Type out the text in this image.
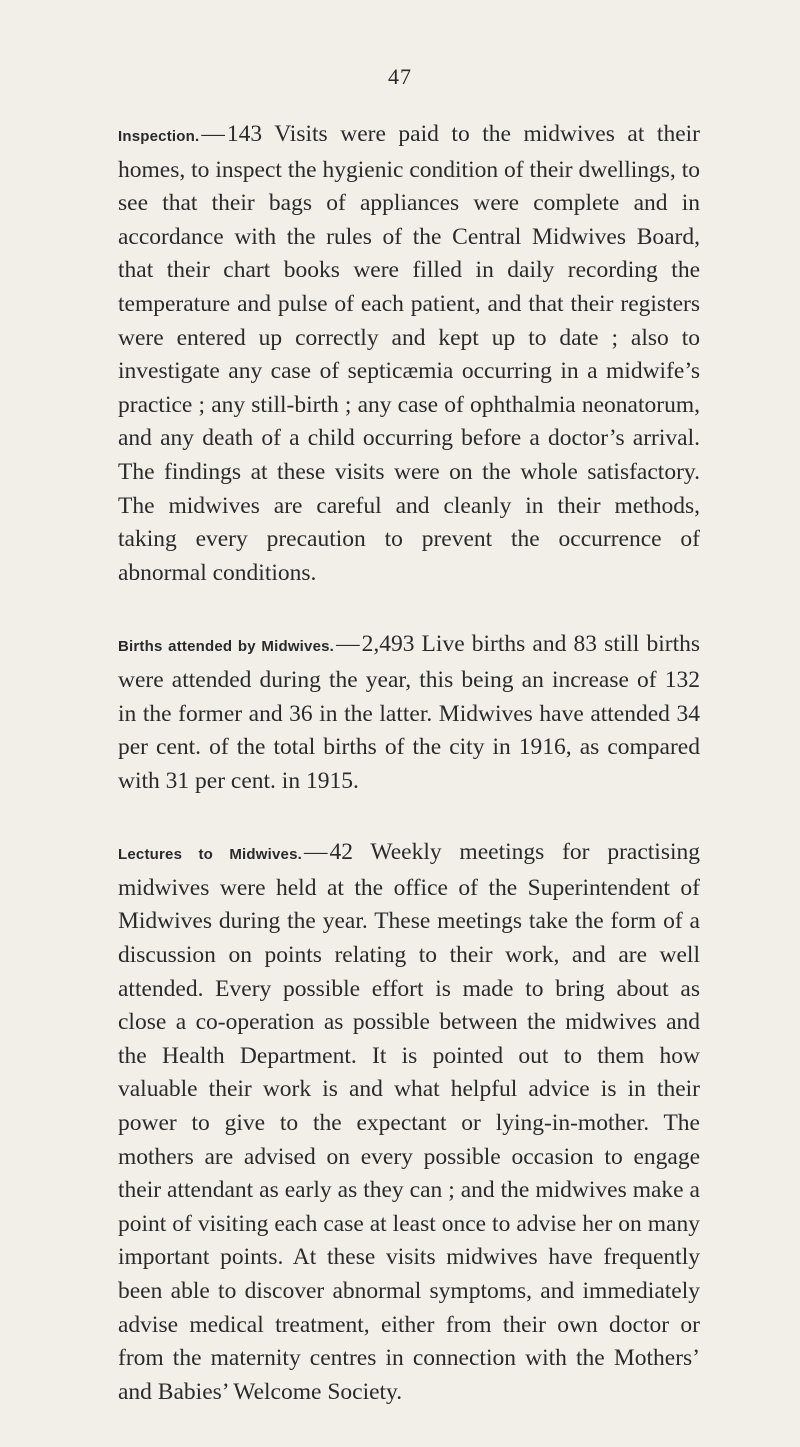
47

Inspection.—143 Visits were paid to the midwives at their homes, to inspect the hygienic condition of their dwellings, to see that their bags of appliances were complete and in accordance with the rules of the Central Midwives Board, that their chart books were filled in daily recording the temperature and pulse of each patient, and that their registers were entered up correctly and kept up to date ; also to investigate any case of septicæmia occurring in a midwife’s practice ; any still-birth ; any case of ophthalmia neonatorum, and any death of a child occurring before a doctor’s arrival. The findings at these visits were on the whole satisfactory. The midwives are careful and cleanly in their methods, taking every precaution to prevent the occurrence of abnormal conditions.

Births attended by Midwives.—2,493 Live births and 83 still births were attended during the year, this being an increase of 132 in the former and 36 in the latter. Midwives have attended 34 per cent. of the total births of the city in 1916, as compared with 31 per cent. in 1915.

Lectures to Midwives.—42 Weekly meetings for practising midwives were held at the office of the Superintendent of Midwives during the year. These meetings take the form of a discussion on points relating to their work, and are well attended. Every possible effort is made to bring about as close a co-operation as possible between the midwives and the Health Department. It is pointed out to them how valuable their work is and what helpful advice is in their power to give to the expectant or lying-in-mother. The mothers are advised on every possible occasion to engage their attendant as early as they can ; and the midwives make a point of visiting each case at least once to advise her on many important points. At these visits midwives have frequently been able to discover abnormal symptoms, and immediately advise medical treatment, either from their own doctor or from the maternity centres in connection with the Mothers’ and Babies’ Welcome Society.
